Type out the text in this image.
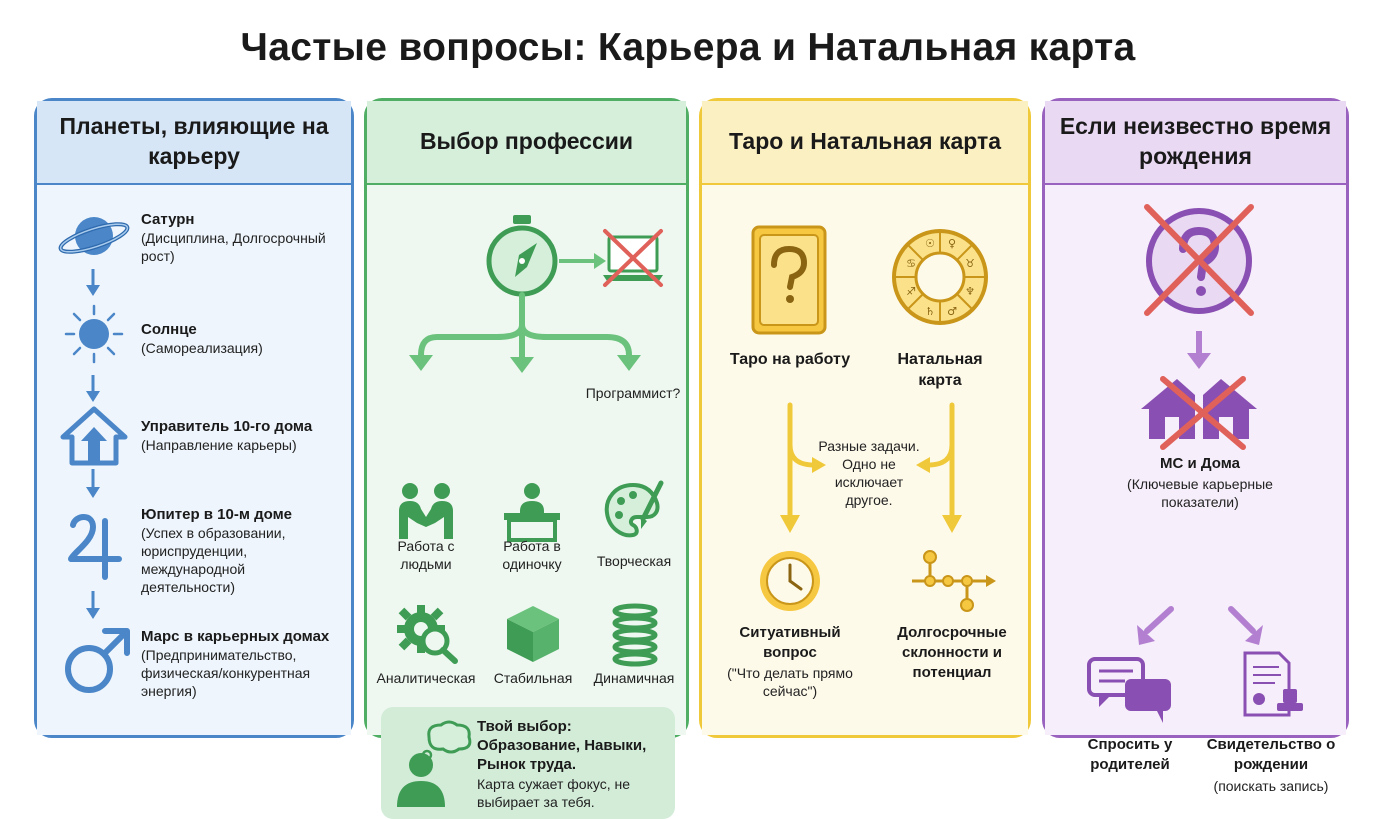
Частые вопросы: Карьера и Натальная карта
Планеты, влияющие на карьеру
Сатурн
(Дисциплина, Долгосрочный рост)
Солнце
(Самореализация)
Управитель 10-го дома
(Направление карьеры)
Юпитер в 10-м доме
(Успех в образовании, юриспруденции, международной деятельности)
Марс в карьерных домах
(Предпринимательство, физическая/конкурентная энергия)
Выбор профессии
Программист?
Работа с людьми
Работа в одиночку	Творческая
Аналитическая	Стабильная	Динамичная
Твой выбор: Образование, Навыки, Рынок труда.
Карта сужает фокус, не выбирает за тебя.
Таро и Натальная карта
☉ ♀
♋	♉
♐	♆
♄ ♂
Таро на работу	Натальная карта
Разные задачи. Одно не исключает другое.
Ситуативный вопрос
("Что делать прямо сейчас")
Долгосрочные склонности и потенциал
Если неизвестно время рождения
МС и Дома
(Ключевые карьерные показатели)
Спросить у родителей
Свидетельство о рождении
(поискать запись)
